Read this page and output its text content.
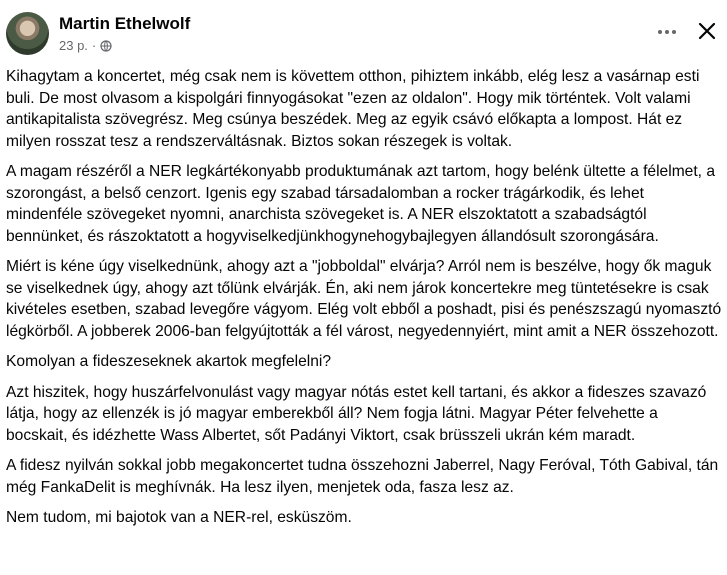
Martin Ethelwolf
23 p. ·

Kihagytam a koncertet, még csak nem is követtem otthon, pihiztem inkább, elég lesz a vasárnap esti buli. De most olvasom a kispolgári finnyogásokat "ezen az oldalon". Hogy mik történtek. Volt valami antikapitalista szövegrész. Meg csúnya beszédek. Meg az egyik csávó előkapta a lompost. Hát ez milyen rosszat tesz a rendszerváltásnak. Biztos sokan részegek is voltak.

A magam részéről a NER legkártékonyabb produktumának azt tartom, hogy belénk ültette a félelmet, a szorongást, a belső cenzort. Igenis egy szabad társadalomban a rocker trágárkodik, és lehet mindenféle szövegeket nyomni, anarchista szövegeket is. A NER elszoktatott a szabadságtól bennünket, és rászoktatott a hogyviselkedjünkhogynehogybajlegyen állandósult szorongására.

Miért is kéne úgy viselkednünk, ahogy azt a "jobboldal" elvárja? Arról nem is beszélve, hogy ők maguk se viselkednek úgy, ahogy azt tőlünk elvárják. Én, aki nem járok koncertekre meg tüntetésekre is csak kivételes esetben, szabad levegőre vágyom. Elég volt ebből a poshadt, pisi és penészszagú nyomasztó légkörből. A jobberek 2006-ban felgyújtották a fél várost, negyedennyiért, mint amit a NER összehozott.

Komolyan a fideszeseknek akartok megfelelni?

Azt hiszitek, hogy huszárfelvonulást vagy magyar nótás estet kell tartani, és akkor a fideszes szavazó látja, hogy az ellenzék is jó magyar emberekből áll? Nem fogja látni. Magyar Péter felvehette a bocskait, és idézhette Wass Albertet, sőt Padányi Viktort, csak brüsszeli ukrán kém maradt.

A fidesz nyilván sokkal jobb megakoncertet tudna összehozni Jaberrel, Nagy Feróval, Tóth Gabival, tán még FankaDelit is meghívnák. Ha lesz ilyen, menjetek oda, fasza lesz az.

Nem tudom, mi bajotok van a NER-rel, esküszöm.
